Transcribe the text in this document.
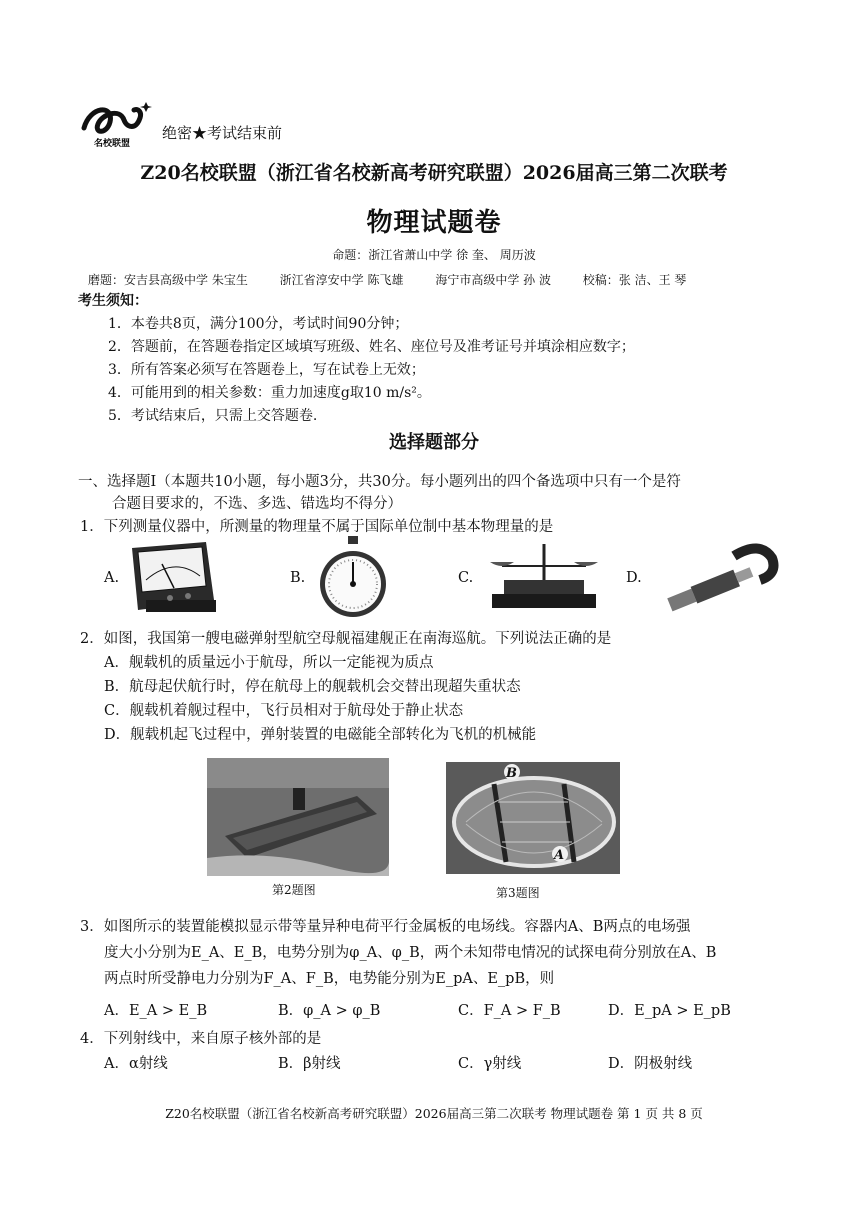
名校联盟
绝密★考试结束前
Z20名校联盟（浙江省名校新高考研究联盟）2026届高三第二次联考
物理试题卷
命题：浙江省萧山中学 徐 奎、 周历波
磨题：安吉县高级中学 朱宝生	浙江省淳安中学 陈飞雄	海宁市高级中学 孙 波	校稿：张 洁、王 琴
考生须知：
1．本卷共8页，满分100分，考试时间90分钟；
2．答题前，在答题卷指定区域填写班级、姓名、座位号及准考证号并填涂相应数字；
3．所有答案必须写在答题卷上，写在试卷上无效；
4．可能用到的相关参数：重力加速度g取10 m/s²。
5．考试结束后，只需上交答题卷.
选择题部分
一、选择题Ⅰ（本题共10小题，每小题3分，共30分。每小题列出的四个备选项中只有一个是符
合题目要求的，不选、多选、错选均不得分）
1．下列测量仪器中，所测量的物理量不属于国际单位制中基本物理量的是
A.	B.	C.	D.
2．如图，我国第一艘电磁弹射型航空母舰福建舰正在南海巡航。下列说法正确的是
A．舰载机的质量远小于航母，所以一定能视为质点
B．航母起伏航行时，停在航母上的舰载机会交替出现超失重状态
C．舰载机着舰过程中，飞行员相对于航母处于静止状态
D．舰载机起飞过程中，弹射装置的电磁能全部转化为飞机的机械能
第2题图
B
A
第3题图
3．如图所示的装置能模拟显示带等量异种电荷平行金属板的电场线。容器内A、B两点的电场强
度大小分别为E_A、E_B，电势分别为φ_A、φ_B，两个未知带电情况的试探电荷分别放在A、B
两点时所受静电力分别为F_A、F_B，电势能分别为E_pA、E_pB，则
A．E_A > E_B	B．φ_A > φ_B	C．F_A > F_B	D．E_pA > E_pB
4．下列射线中，来自原子核外部的是
A．α射线	B．β射线	C．γ射线	D．阴极射线
Z20名校联盟（浙江省名校新高考研究联盟）2026届高三第二次联考 物理试题卷 第 1 页 共 8 页
